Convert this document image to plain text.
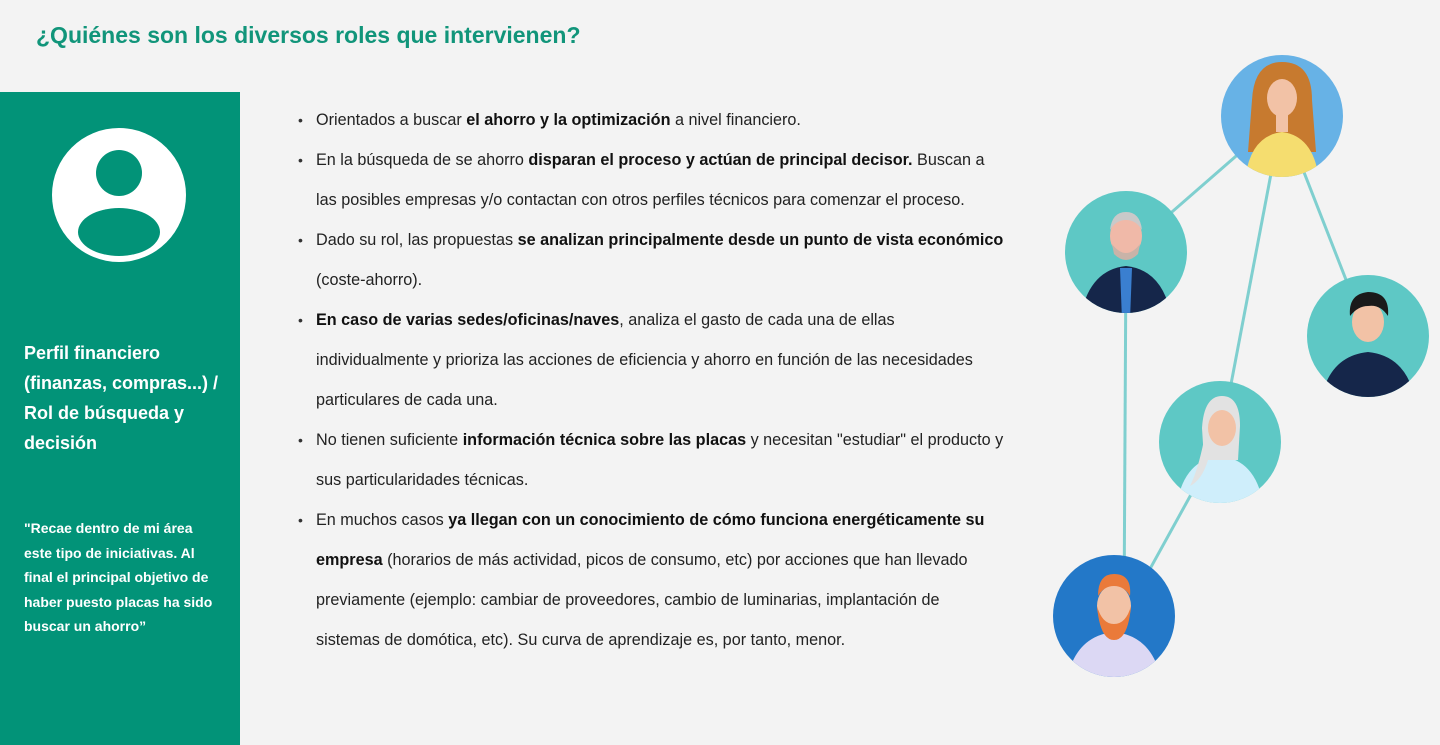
¿Quiénes son los diversos roles que intervienen?
Perfil financiero (finanzas, compras...) / Rol de búsqueda y decisión

"Recae dentro de mi área este tipo de iniciativas. Al final el principal objetivo de haber puesto placas ha sido buscar un ahorro”

• Orientados a buscar el ahorro y la optimización a nivel financiero.
• En la búsqueda de se ahorro disparan el proceso y actúan de principal decisor. Buscan a las posibles empresas y/o contactan con otros perfiles técnicos para comenzar el proceso.
• Dado su rol, las propuestas se analizan principalmente desde un punto de vista económico (coste-ahorro).
• En caso de varias sedes/oficinas/naves, analiza el gasto de cada una de ellas individualmente y prioriza las acciones de eficiencia y ahorro en función de las necesidades particulares de cada una.
• No tienen suficiente información técnica sobre las placas y necesitan "estudiar" el producto y sus particularidades técnicas.
• En muchos casos ya llegan con un conocimiento de cómo funciona energéticamente su empresa (horarios de más actividad, picos de consumo, etc) por acciones que han llevado previamente (ejemplo: cambiar de proveedores, cambio de luminarias, implantación de sistemas de domótica, etc). Su curva de aprendizaje es, por tanto, menor.
